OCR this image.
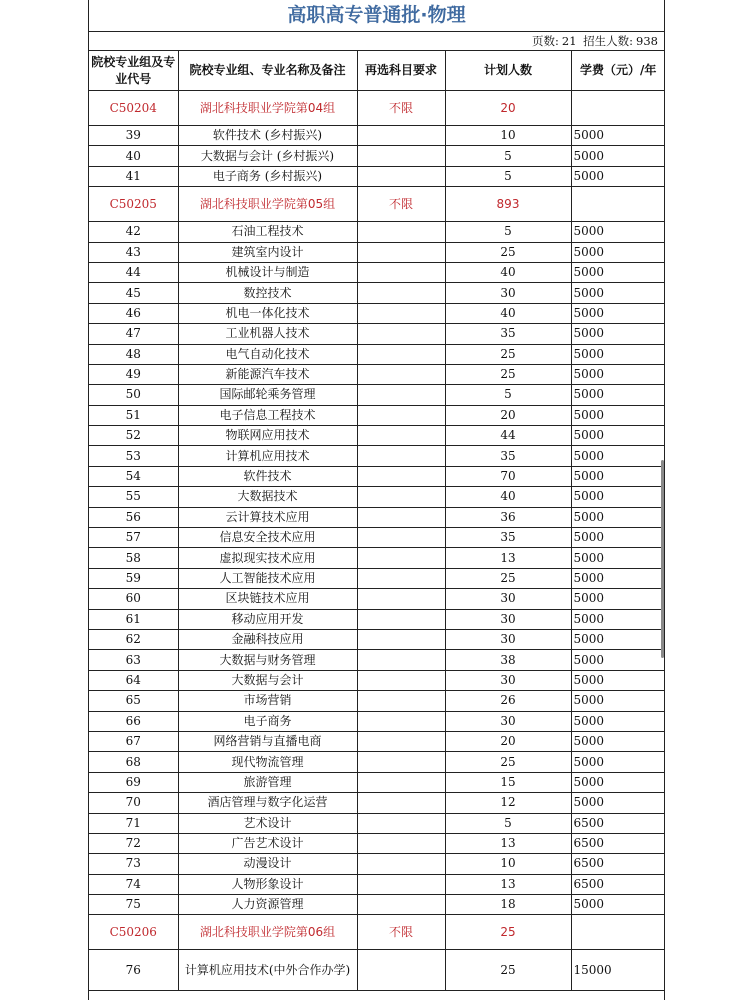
高职高专普通批·物理
页数: 21 招生人数: 938
院校专业组及专业代号	院校专业组、专业名称及备注	再选科目要求	计划人数	学费（元）/年
C50204	湖北科技职业学院第04组	不限	20	
39	软件技术 (乡村振兴)		10	5000
40	大数据与会计 (乡村振兴)		5	5000
41	电子商务 (乡村振兴)		5	5000
C50205	湖北科技职业学院第05组	不限	893	
42	石油工程技术		5	5000
43	建筑室内设计		25	5000
44	机械设计与制造		40	5000
45	数控技术		30	5000
46	机电一体化技术		40	5000
47	工业机器人技术		35	5000
48	电气自动化技术		25	5000
49	新能源汽车技术		25	5000
50	国际邮轮乘务管理		5	5000
51	电子信息工程技术		20	5000
52	物联网应用技术		44	5000
53	计算机应用技术		35	5000
54	软件技术		70	5000
55	大数据技术		40	5000
56	云计算技术应用		36	5000
57	信息安全技术应用		35	5000
58	虚拟现实技术应用		13	5000
59	人工智能技术应用		25	5000
60	区块链技术应用		30	5000
61	移动应用开发		30	5000
62	金融科技应用		30	5000
63	大数据与财务管理		38	5000
64	大数据与会计		30	5000
65	市场营销		26	5000
66	电子商务		30	5000
67	网络营销与直播电商		20	5000
68	现代物流管理		25	5000
69	旅游管理		15	5000
70	酒店管理与数字化运营		12	5000
71	艺术设计		5	6500
72	广告艺术设计		13	6500
73	动漫设计		10	6500
74	人物形象设计		13	6500
75	人力资源管理		18	5000
C50206	湖北科技职业学院第06组	不限	25	
76	计算机应用技术(中外合作办学)		25	15000
